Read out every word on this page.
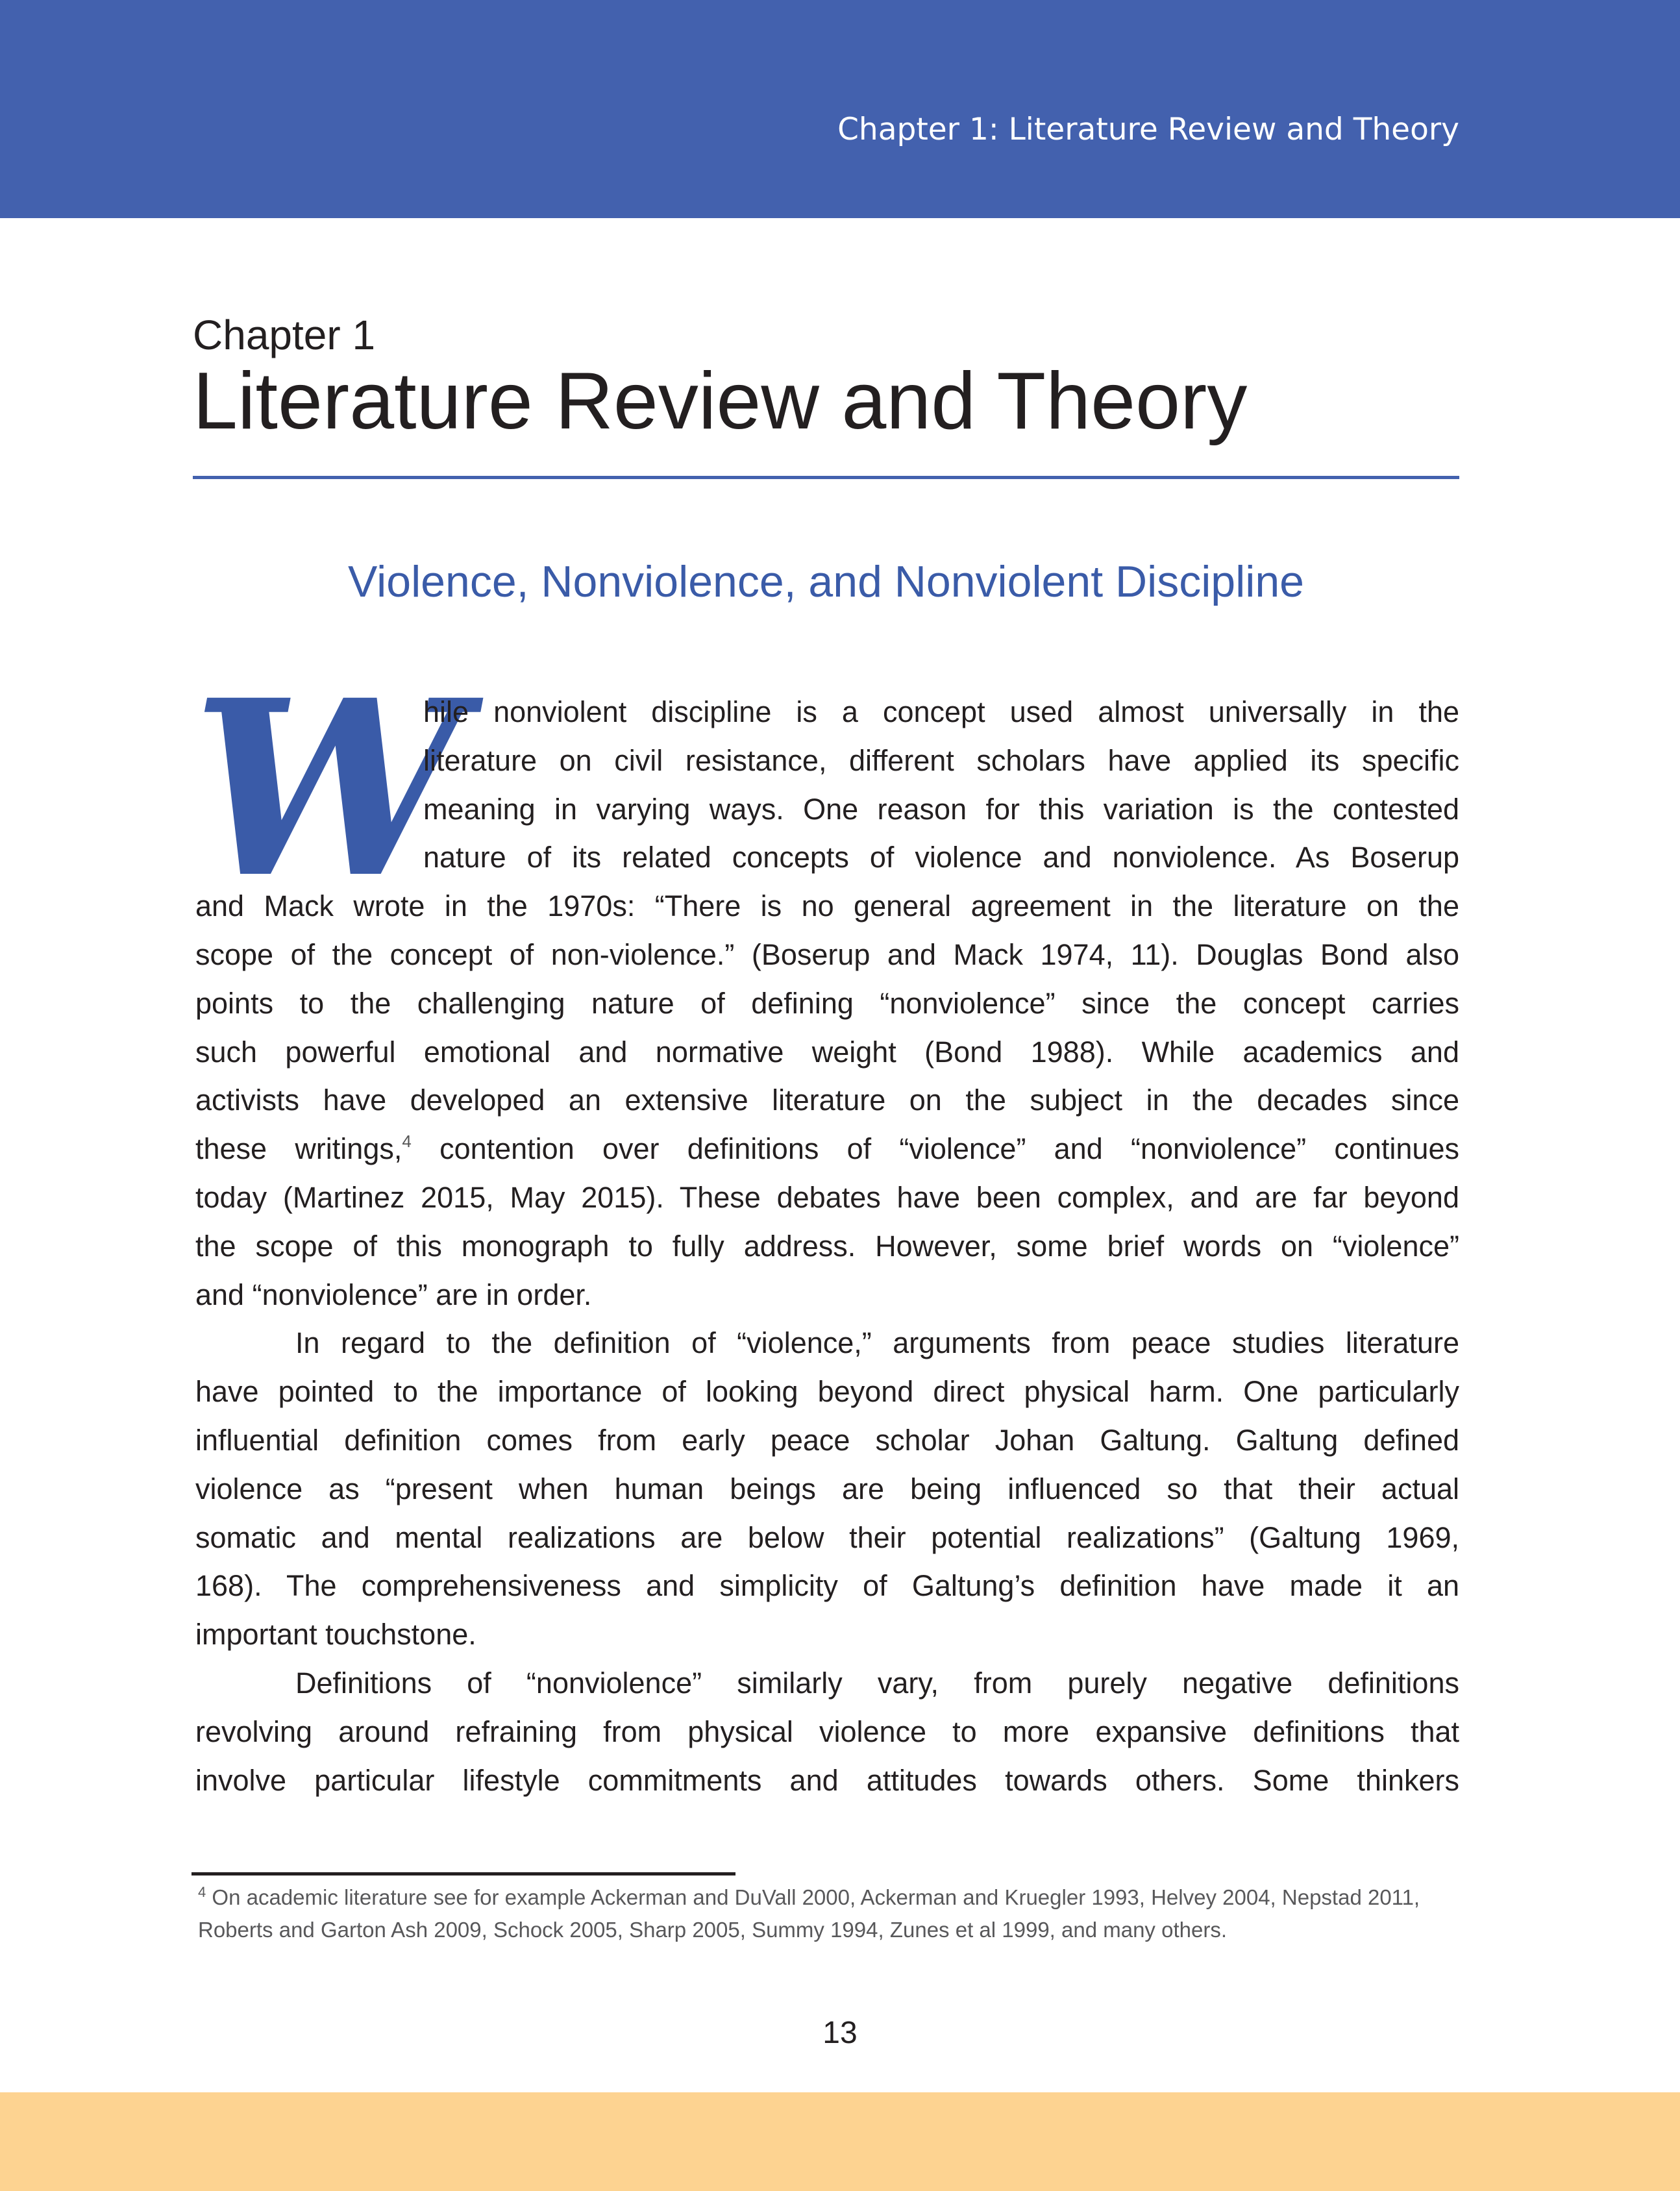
Chapter 1: Literature Review and Theory
Chapter 1
Literature Review and Theory
Violence, Nonviolence, and Nonviolent Discipline
W
hile nonviolent discipline is a concept used almost universally in the
literature on civil resistance, different scholars have applied its specific
meaning in varying ways. One reason for this variation is the contested
nature of its related concepts of violence and nonviolence. As Boserup
and Mack wrote in the 1970s: “There is no general agreement in the literature on the
scope of the concept of non-violence.” (Boserup and Mack 1974, 11). Douglas Bond also
points to the challenging nature of defining “nonviolence” since the concept carries
such powerful emotional and normative weight (Bond 1988). While academics and
activists have developed an extensive literature on the subject in the decades since
these writings,$^4$ contention over definitions of “violence” and “nonviolence” continues
today (Martinez 2015, May 2015). These debates have been complex, and are far beyond
the scope of this monograph to fully address. However, some brief words on “violence”
and “nonviolence” are in order.
In regard to the definition of “violence,” arguments from peace studies literature
have pointed to the importance of looking beyond direct physical harm. One particularly
influential definition comes from early peace scholar Johan Galtung. Galtung defined
violence as “present when human beings are being influenced so that their actual
somatic and mental realizations are below their potential realizations” (Galtung 1969,
168). The comprehensiveness and simplicity of Galtung’s definition have made it an
important touchstone.
Definitions of “nonviolence” similarly vary, from purely negative definitions
revolving around refraining from physical violence to more expansive definitions that
involve particular lifestyle commitments and attitudes towards others. Some thinkers
$^4$ On academic literature see for example Ackerman and DuVall 2000, Ackerman and Kruegler 1993, Helvey 2004, Nepstad 2011,
Roberts and Garton Ash 2009, Schock 2005, Sharp 2005, Summy 1994, Zunes et al 1999, and many others.
13
